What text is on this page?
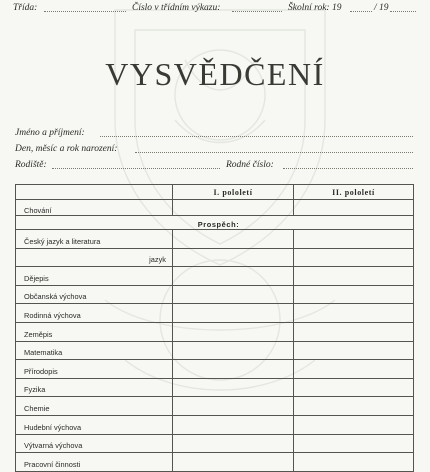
Třída:	Číslo v třídním výkazu:	Školní rok: 19	/ 19
VYSVĚDČENÍ
Jméno a příjmení:
Den, měsíc a rok narození:
Rodiště:	Rodné číslo:
	I. pololetí	II. pololetí
Chování		
Prospěch:		
Český jazyk a literatura		
jazyk		
Dějepis		
Občanská výchova		
Rodinná výchova		
Zeměpis		
Matematika		
Přírodopis		
Fyzika		
Chemie		
Hudební výchova		
Výtvarná výchova		
Pracovní činnosti		
